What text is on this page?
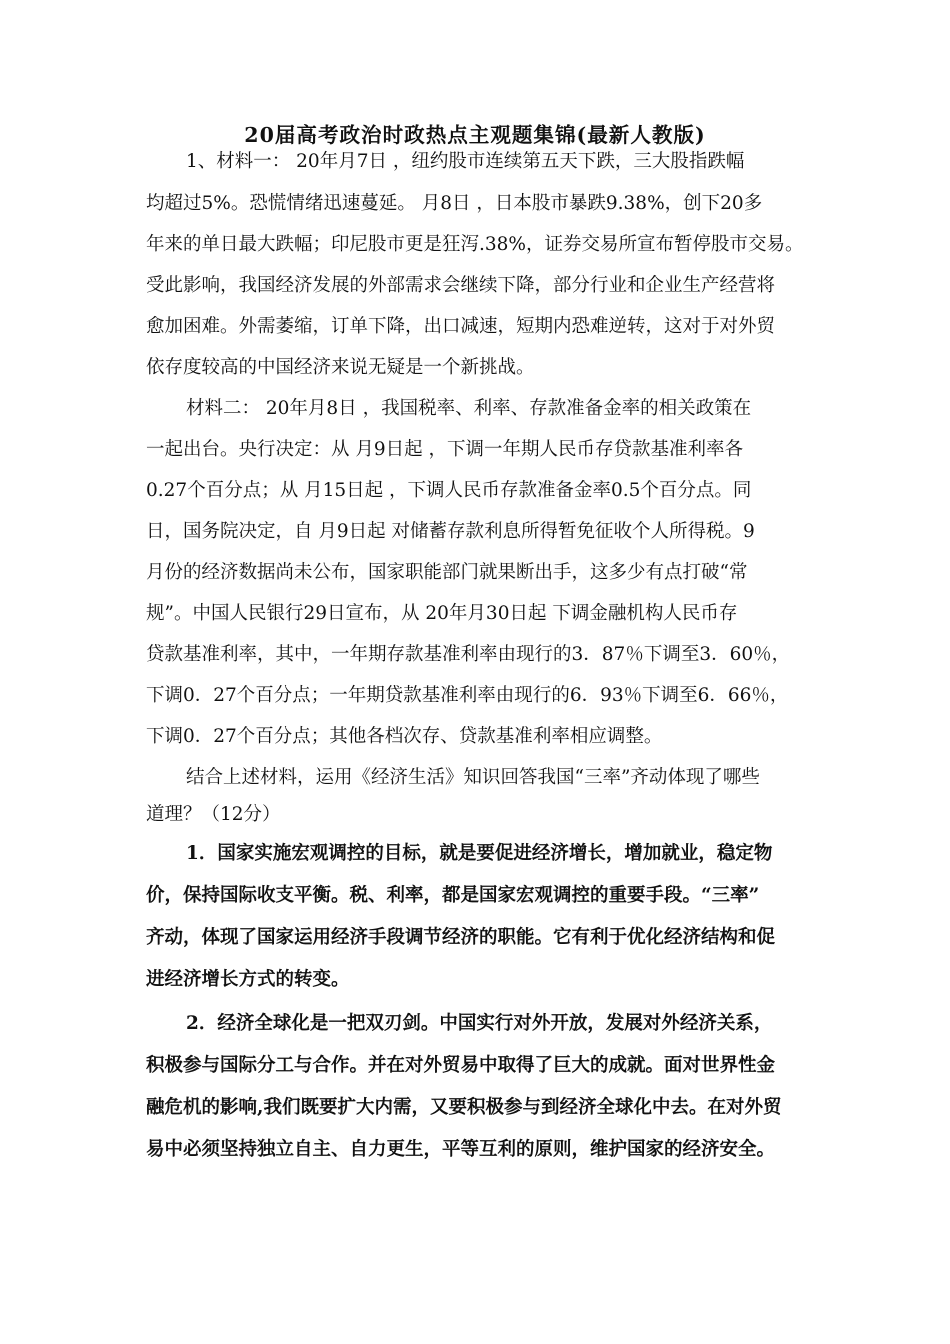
20届高考政治时政热点主观题集锦(最新人教版)
1、材料一： 20年月7日 ，纽约股市连续第五天下跌，三大股指跌幅
均超过5%。恐慌情绪迅速蔓延。 月8日 ，日本股市暴跌9.38%，创下20多
年来的单日最大跌幅；印尼股市更是狂泻.38%，证券交易所宣布暂停股市交易。
受此影响，我国经济发展的外部需求会继续下降，部分行业和企业生产经营将
愈加困难。外需萎缩，订单下降，出口减速，短期内恐难逆转，这对于对外贸
依存度较高的中国经济来说无疑是一个新挑战。
材料二： 20年月8日 ，我国税率、利率、存款准备金率的相关政策在
一起出台。央行决定：从 月9日起 ，下调一年期人民币存贷款基准利率各
0.27个百分点；从 月15日起 ，下调人民币存款准备金率0.5个百分点。同
日，国务院决定，自 月9日起 对储蓄存款利息所得暂免征收个人所得税。9
月份的经济数据尚未公布，国家职能部门就果断出手，这多少有点打破“常
规”。中国人民银行29日宣布，从 20年月30日起 下调金融机构人民币存
贷款基准利率，其中，一年期存款基准利率由现行的3．87％下调至3．60％，
下调0．27个百分点；一年期贷款基准利率由现行的6．93％下调至6．66％，
下调0．27个百分点；其他各档次存、贷款基准利率相应调整。
结合上述材料，运用《经济生活》知识回答我国“三率”齐动体现了哪些
道理？（12分）
1．国家实施宏观调控的目标，就是要促进经济增长，增加就业，稳定物
价，保持国际收支平衡。税、利率，都是国家宏观调控的重要手段。“三率”
齐动，体现了国家运用经济手段调节经济的职能。它有利于优化经济结构和促
进经济增长方式的转变。
2．经济全球化是一把双刃剑。中国实行对外开放，发展对外经济关系，
积极参与国际分工与合作。并在对外贸易中取得了巨大的成就。面对世界性金
融危机的影响,我们既要扩大内需，又要积极参与到经济全球化中去。在对外贸
易中必须坚持独立自主、自力更生，平等互利的原则，维护国家的经济安全。
